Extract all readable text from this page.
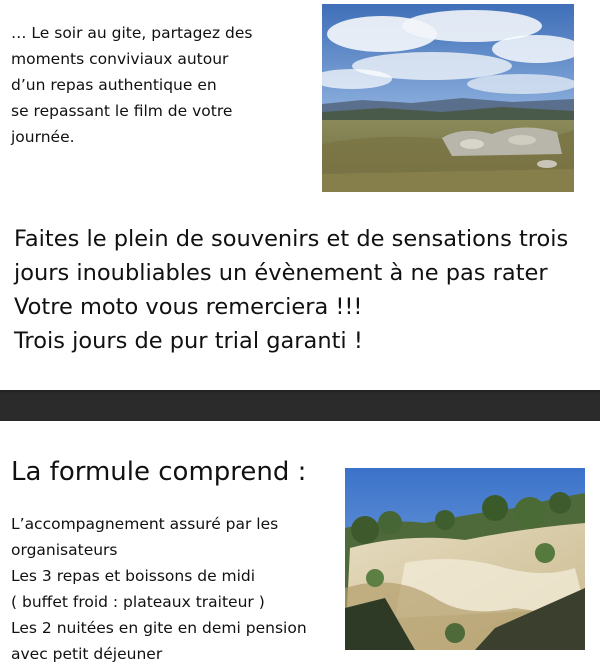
… Le soir au gite, partagez des
moments conviviaux autour
d’un repas authentique en
se repassant le film de votre
journée.

Faites le plein de souvenirs et de sensations trois
jours inoubliables un évènement à ne pas rater
Votre moto vous remerciera !!!
Trois jours de pur trial garanti !

La formule comprend :
L’accompagnement assuré par les
organisateurs
Les 3 repas et boissons de midi
( buffet froid : plateaux traiteur )
Les 2 nuitées en gite en demi pension
avec petit déjeuner
